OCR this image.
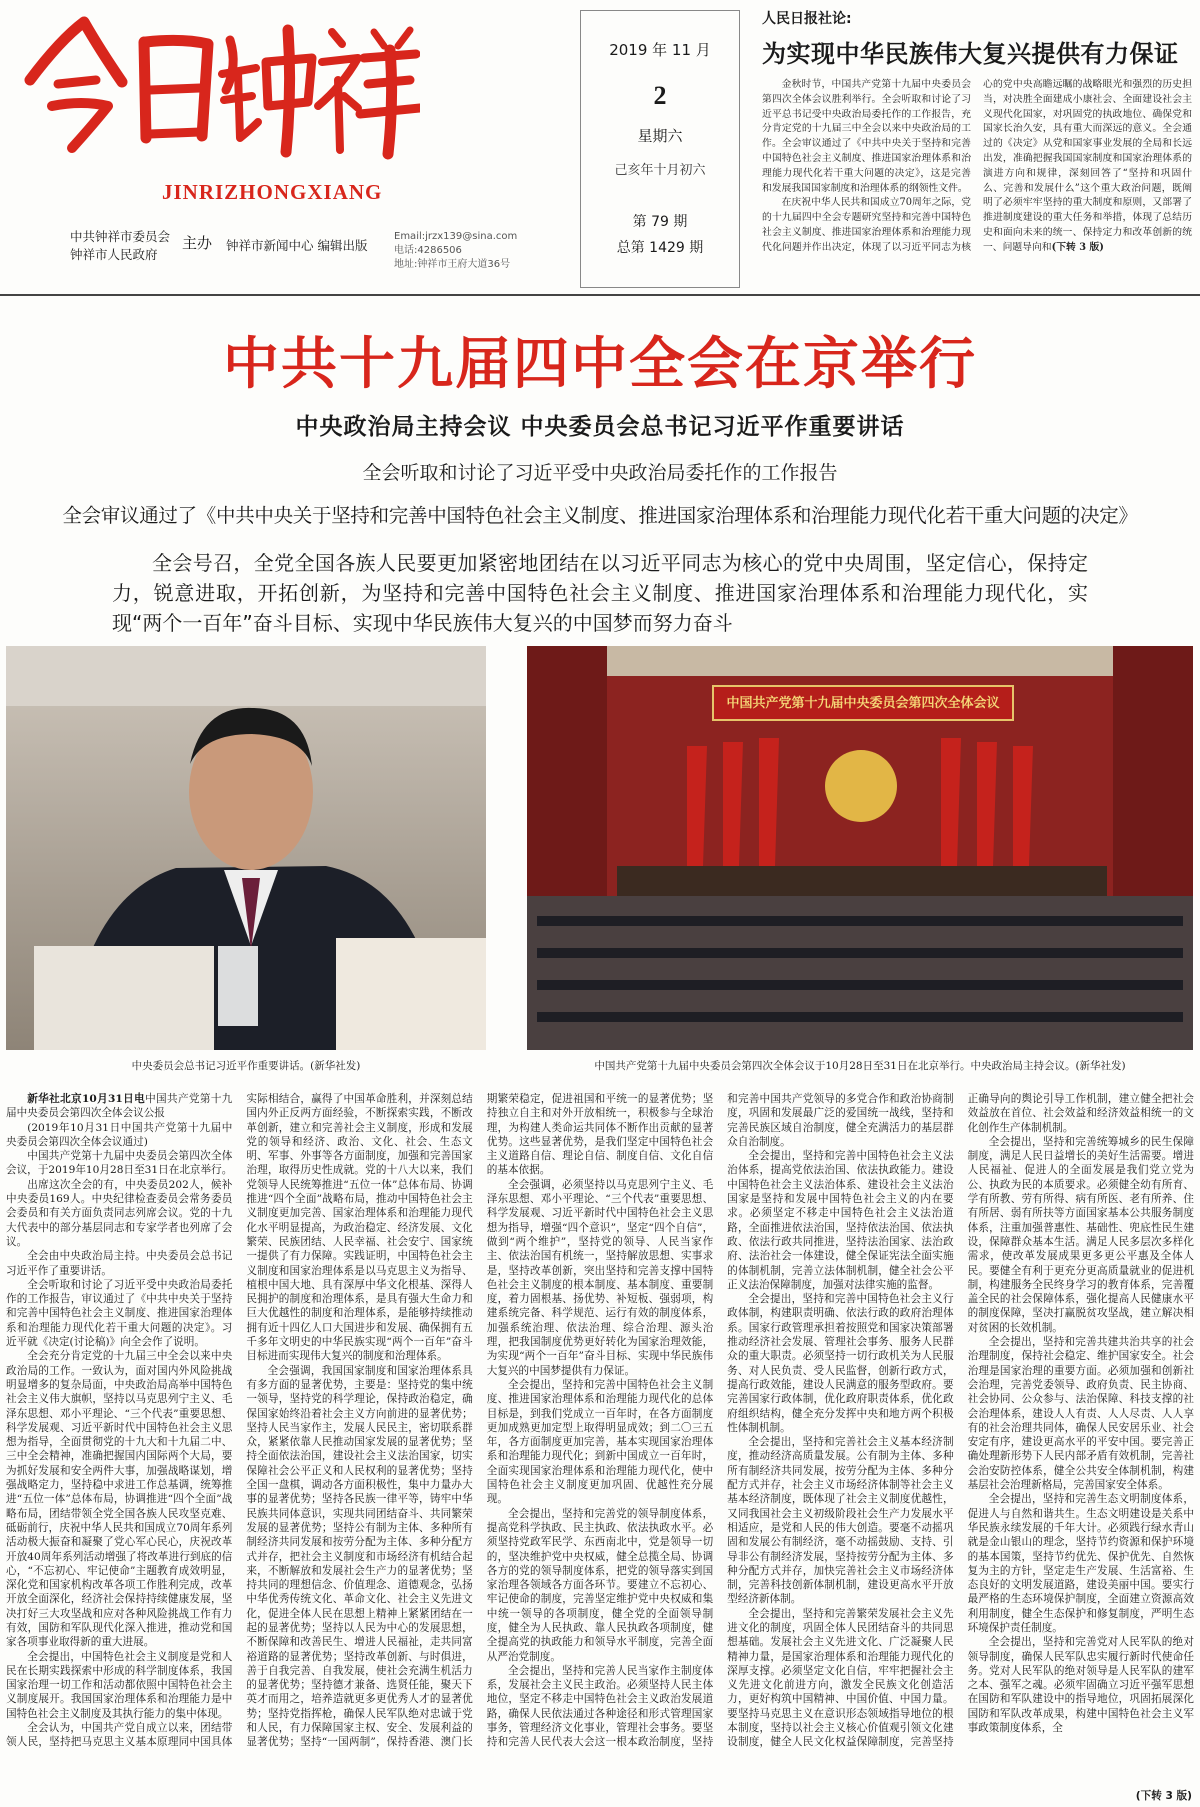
JINRIZHONGXIANG
中共钟祥市委员会
钟祥市人民政府
主办 钟祥市新闻中心 编辑出版
Email:jrzx139@sina.com
电话:4286506
地址:钟祥市王府大道36号
2019 年 11 月
2
星期六
己亥年十月初六
第 79 期
总第 1429 期
人民日报社论:
为实现中华民族伟大复兴提供有力保证

金秋时节，中国共产党第十九届中央委员会第四次全体会议胜利举行。全会听取和讨论了习近平总书记受中央政治局委托作的工作报告，充分肯定党的十九届三中全会以来中央政治局的工作。全会审议通过了《中共中央关于坚持和完善中国特色社会主义制度、推进国家治理体系和治理能力现代化若干重大问题的决定》，这是完善和发展我国国家制度和治理体系的纲领性文件。

在庆祝中华人民共和国成立70周年之际，党的十九届四中全会专题研究坚持和完善中国特色社会主义制度、推进国家治理体系和治理能力现代化问题并作出决定，体现了以习近平同志为核心的党中央高瞻远瞩的战略眼光和强烈的历史担当，对决胜全面建成小康社会、全面建设社会主义现代化国家，对巩固党的执政地位、确保党和国家长治久安，具有重大而深远的意义。全会通过的《决定》从党和国家事业发展的全局和长远出发，准确把握我国国家制度和国家治理体系的演进方向和规律，深刻回答了“坚持和巩固什么、完善和发展什么”这个重大政治问题，既阐明了必须牢牢坚持的重大制度和原则，又部署了推进制度建设的重大任务和举措，体现了总结历史和面向未来的统一、保持定力和改革创新的统一、问题导向和(下转 3 版)

中共十九届四中全会在京举行
中央政治局主持会议 中央委员会总书记习近平作重要讲话
全会听取和讨论了习近平受中央政治局委托作的工作报告
全会审议通过了《中共中央关于坚持和完善中国特色社会主义制度、推进国家治理体系和治理能力现代化若干重大问题的决定》
全会号召，全党全国各族人民要更加紧密地团结在以习近平同志为核心的党中央周围，坚定信心，保持定力，锐意进取，开拓创新，为坚持和完善中国特色社会主义制度、推进国家治理体系和治理能力现代化，实现“两个一百年”奋斗目标、实现中华民族伟大复兴的中国梦而努力奋斗
中国共产党第十九届中央委员会第四次全体会议
中央委员会总书记习近平作重要讲话。(新华社发)	中国共产党第十九届中央委员会第四次全体会议于10月28日至31日在北京举行。中央政治局主持会议。(新华社发)

新华社北京10月31日电中国共产党第十九届中央委员会第四次全体会议公报

(2019年10月31日中国共产党第十九届中央委员会第四次全体会议通过)

中国共产党第十九届中央委员会第四次全体会议，于2019年10月28日至31日在北京举行。

出席这次全会的有，中央委员202人，候补中央委员169人。中央纪律检查委员会常务委员会委员和有关方面负责同志列席会议。党的十九大代表中的部分基层同志和专家学者也列席了会议。

全会由中央政治局主持。中央委员会总书记习近平作了重要讲话。

全会听取和讨论了习近平受中央政治局委托作的工作报告，审议通过了《中共中央关于坚持和完善中国特色社会主义制度、推进国家治理体系和治理能力现代化若干重大问题的决定》。习近平就《决定(讨论稿)》向全会作了说明。

全会充分肯定党的十九届三中全会以来中央政治局的工作。一致认为，面对国内外风险挑战明显增多的复杂局面，中央政治局高举中国特色社会主义伟大旗帜，坚持以马克思列宁主义、毛泽东思想、邓小平理论、“三个代表”重要思想、科学发展观、习近平新时代中国特色社会主义思想为指导，全面贯彻党的十九大和十九届二中、三中全会精神，准确把握国内国际两个大局，要为抓好发展和安全两件大事，加强战略谋划，增强战略定力，坚持稳中求进工作总基调，统筹推进“五位一体”总体布局，协调推进“四个全面”战略布局，团结带领全党全国各族人民攻坚克难、砥砺前行，庆祝中华人民共和国成立70周年系列活动极大振奋和凝聚了党心军心民心，庆祝改革开放40周年系列活动增强了将改革进行到底的信心，“不忘初心、牢记使命”主题教育成效明显，深化党和国家机构改革各项工作胜利完成，改革开放全面深化，经济社会保持持续健康发展，坚决打好三大攻坚战和应对各种风险挑战工作有力有效，国防和军队现代化深入推进，推动党和国家各项事业取得新的重大进展。

全会提出，中国特色社会主义制度是党和人民在长期实践探索中形成的科学制度体系，我国国家治理一切工作和活动都依照中国特色社会主义制度展开。我国国家治理体系和治理能力是中国特色社会主义制度及其执行能力的集中体现。

全会认为，中国共产党自成立以来，团结带领人民，坚持把马克思主义基本原理同中国具体实际相结合，赢得了中国革命胜利，并深刻总结国内外正反两方面经验，不断探索实践，不断改革创新，建立和完善社会主义制度，形成和发展党的领导和经济、政治、文化、社会、生态文明、军事、外事等各方面制度，加强和完善国家治理，取得历史性成就。党的十八大以来，我们党领导人民统筹推进“五位一体”总体布局、协调推进“四个全面”战略布局，推动中国特色社会主义制度更加完善、国家治理体系和治理能力现代化水平明显提高，为政治稳定、经济发展、文化繁荣、民族团结、人民幸福、社会安宁、国家统一提供了有力保障。实践证明，中国特色社会主义制度和国家治理体系是以马克思主义为指导、植根中国大地、具有深厚中华文化根基、深得人民拥护的制度和治理体系，是具有强大生命力和巨大优越性的制度和治理体系，是能够持续推动拥有近十四亿人口大国进步和发展、确保拥有五千多年文明史的中华民族实现“两个一百年”奋斗目标进而实现伟大复兴的制度和治理体系。

全会强调，我国国家制度和国家治理体系具有多方面的显著优势，主要是：坚持党的集中统一领导，坚持党的科学理论，保持政治稳定，确保国家始终沿着社会主义方向前进的显著优势；坚持人民当家作主，发展人民民主，密切联系群众，紧紧依靠人民推动国家发展的显著优势；坚持全面依法治国，建设社会主义法治国家，切实保障社会公平正义和人民权利的显著优势；坚持全国一盘棋，调动各方面积极性，集中力量办大事的显著优势；坚持各民族一律平等，铸牢中华民族共同体意识，实现共同团结奋斗、共同繁荣发展的显著优势；坚持公有制为主体、多种所有制经济共同发展和按劳分配为主体、多种分配方式并存，把社会主义制度和市场经济有机结合起来，不断解放和发展社会生产力的显著优势；坚持共同的理想信念、价值理念、道德观念，弘扬中华优秀传统文化、革命文化、社会主义先进文化，促进全体人民在思想上精神上紧紧团结在一起的显著优势；坚持以人民为中心的发展思想，不断保障和改善民生、增进人民福祉，走共同富裕道路的显著优势；坚持改革创新、与时俱进，善于自我完善、自我发展，使社会充满生机活力的显著优势；坚持德才兼备、选贤任能，聚天下英才而用之，培养造就更多更优秀人才的显著优势；坚持党指挥枪，确保人民军队绝对忠诚于党和人民，有力保障国家主权、安全、发展利益的显著优势；坚持“一国两制”，保持香港、澳门长期繁荣稳定，促进祖国和平统一的显著优势；坚持独立自主和对外开放相统一，积极参与全球治理，为构建人类命运共同体不断作出贡献的显著优势。这些显著优势，是我们坚定中国特色社会主义道路自信、理论自信、制度自信、文化自信的基本依据。

全会强调，必须坚持以马克思列宁主义、毛泽东思想、邓小平理论、“三个代表”重要思想、科学发展观、习近平新时代中国特色社会主义思想为指导，增强“四个意识”，坚定“四个自信”，做到“两个维护”，坚持党的领导、人民当家作主、依法治国有机统一，坚持解放思想、实事求是，坚持改革创新，突出坚持和完善支撑中国特色社会主义制度的根本制度、基本制度、重要制度，着力固根基、扬优势、补短板、强弱项，构建系统完备、科学规范、运行有效的制度体系，加强系统治理、依法治理、综合治理、源头治理，把我国制度优势更好转化为国家治理效能，为实现“两个一百年”奋斗目标、实现中华民族伟大复兴的中国梦提供有力保证。

全会提出，坚持和完善中国特色社会主义制度、推进国家治理体系和治理能力现代化的总体目标是，到我们党成立一百年时，在各方面制度更加成熟更加定型上取得明显成效；到二〇三五年，各方面制度更加完善，基本实现国家治理体系和治理能力现代化；到新中国成立一百年时，全面实现国家治理体系和治理能力现代化，使中国特色社会主义制度更加巩固、优越性充分展现。

全会提出，坚持和完善党的领导制度体系，提高党科学执政、民主执政、依法执政水平。必须坚持党政军民学、东西南北中，党是领导一切的，坚决维护党中央权威，健全总揽全局、协调各方的党的领导制度体系，把党的领导落实到国家治理各领域各方面各环节。要建立不忘初心、牢记使命的制度，完善坚定维护党中央权威和集中统一领导的各项制度，健全党的全面领导制度，健全为人民执政、靠人民执政各项制度，健全提高党的执政能力和领导水平制度，完善全面从严治党制度。

全会提出，坚持和完善人民当家作主制度体系，发展社会主义民主政治。必须坚持人民主体地位，坚定不移走中国特色社会主义政治发展道路，确保人民依法通过各种途径和形式管理国家事务，管理经济文化事业，管理社会事务。要坚持和完善人民代表大会这一根本政治制度，坚持和完善中国共产党领导的多党合作和政治协商制度，巩固和发展最广泛的爱国统一战线，坚持和完善民族区域自治制度，健全充满活力的基层群众自治制度。

全会提出，坚持和完善中国特色社会主义法治体系，提高党依法治国、依法执政能力。建设中国特色社会主义法治体系、建设社会主义法治国家是坚持和发展中国特色社会主义的内在要求。必须坚定不移走中国特色社会主义法治道路，全面推进依法治国，坚持依法治国、依法执政、依法行政共同推进，坚持法治国家、法治政府、法治社会一体建设，健全保证宪法全面实施的体制机制，完善立法体制机制，健全社会公平正义法治保障制度，加强对法律实施的监督。

全会提出，坚持和完善中国特色社会主义行政体制，构建职责明确、依法行政的政府治理体系。国家行政管理承担着按照党和国家决策部署推动经济社会发展、管理社会事务、服务人民群众的重大职责。必须坚持一切行政机关为人民服务、对人民负责、受人民监督，创新行政方式，提高行政效能，建设人民满意的服务型政府。要完善国家行政体制，优化政府职责体系，优化政府组织结构，健全充分发挥中央和地方两个积极性体制机制。

全会提出，坚持和完善社会主义基本经济制度，推动经济高质量发展。公有制为主体、多种所有制经济共同发展，按劳分配为主体、多种分配方式并存，社会主义市场经济体制等社会主义基本经济制度，既体现了社会主义制度优越性，又同我国社会主义初级阶段社会生产力发展水平相适应，是党和人民的伟大创造。要毫不动摇巩固和发展公有制经济，毫不动摇鼓励、支持、引导非公有制经济发展，坚持按劳分配为主体、多种分配方式并存，加快完善社会主义市场经济体制，完善科技创新体制机制，建设更高水平开放型经济新体制。

全会提出，坚持和完善繁荣发展社会主义先进文化的制度，巩固全体人民团结奋斗的共同思想基础。发展社会主义先进文化、广泛凝聚人民精神力量，是国家治理体系和治理能力现代化的深厚支撑。必须坚定文化自信，牢牢把握社会主义先进文化前进方向，激发全民族文化创造活力，更好构筑中国精神、中国价值、中国力量。要坚持马克思主义在意识形态领域指导地位的根本制度，坚持以社会主义核心价值观引领文化建设制度，健全人民文化权益保障制度，完善坚持正确导向的舆论引导工作机制，建立健全把社会效益放在首位、社会效益和经济效益相统一的文化创作生产体制机制。

全会提出，坚持和完善统筹城乡的民生保障制度，满足人民日益增长的美好生活需要。增进人民福祉、促进人的全面发展是我们党立党为公、执政为民的本质要求。必须健全幼有所育、学有所教、劳有所得、病有所医、老有所养、住有所居、弱有所扶等方面国家基本公共服务制度体系，注重加强普惠性、基础性、兜底性民生建设，保障群众基本生活。满足人民多层次多样化需求，使改革发展成果更多更公平惠及全体人民。要健全有利于更充分更高质量就业的促进机制，构建服务全民终身学习的教育体系，完善覆盖全民的社会保障体系，强化提高人民健康水平的制度保障，坚决打赢脱贫攻坚战，建立解决相对贫困的长效机制。

全会提出，坚持和完善共建共治共享的社会治理制度，保持社会稳定、维护国家安全。社会治理是国家治理的重要方面。必须加强和创新社会治理，完善党委领导、政府负责、民主协商、社会协同、公众参与、法治保障、科技支撑的社会治理体系，建设人人有责、人人尽责、人人享有的社会治理共同体，确保人民安居乐业、社会安定有序，建设更高水平的平安中国。要完善正确处理新形势下人民内部矛盾有效机制，完善社会治安防控体系，健全公共安全体制机制，构建基层社会治理新格局，完善国家安全体系。

全会提出，坚持和完善生态文明制度体系，促进人与自然和谐共生。生态文明建设是关系中华民族永续发展的千年大计。必须践行绿水青山就是金山银山的理念，坚持节约资源和保护环境的基本国策，坚持节约优先、保护优先、自然恢复为主的方针，坚定走生产发展、生活富裕、生态良好的文明发展道路，建设美丽中国。要实行最严格的生态环境保护制度，全面建立资源高效利用制度，健全生态保护和修复制度，严明生态环境保护责任制度。

全会提出，坚持和完善党对人民军队的绝对领导制度，确保人民军队忠实履行新时代使命任务。党对人民军队的绝对领导是人民军队的建军之本、强军之魂。必须牢固确立习近平强军思想在国防和军队建设中的指导地位，巩固拓展深化国防和军队改革成果，构建中国特色社会主义军事政策制度体系，全

(下转 3 版)
